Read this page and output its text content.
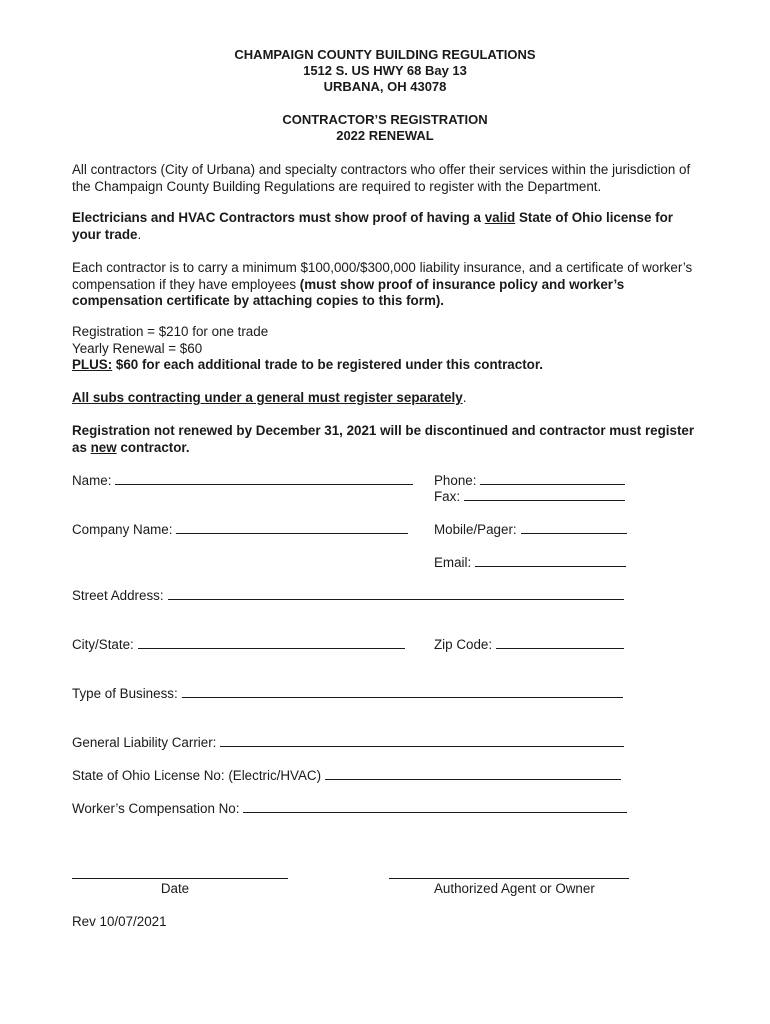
CHAMPAIGN COUNTY BUILDING REGULATIONS
1512 S. US HWY 68 Bay 13
URBANA, OH 43078
CONTRACTOR’S REGISTRATION
2022 RENEWAL
All contractors (City of Urbana) and specialty contractors who offer their services within the jurisdiction of the Champaign County Building Regulations are required to register with the Department.
Electricians and HVAC Contractors must show proof of having a valid State of Ohio license for your trade.
Each contractor is to carry a minimum $100,000/$300,000 liability insurance, and a certificate of worker’s compensation if they have employees (must show proof of insurance policy and worker’s compensation certificate by attaching copies to this form).
Registration = $210 for one trade
Yearly Renewal = $60
PLUS: $60 for each additional trade to be registered under this contractor.
All subs contracting under a general must register separately.
Registration not renewed by December 31, 2021 will be discontinued and contractor must register as new contractor.
Name:	Phone:
Fax:
Company Name:	Mobile/Pager:
Email:
Street Address:
City/State:	Zip Code:
Type of Business:
General Liability Carrier:
State of Ohio License No: (Electric/HVAC)
Worker’s Compensation No:
Date	Authorized Agent or Owner
Rev 10/07/2021
